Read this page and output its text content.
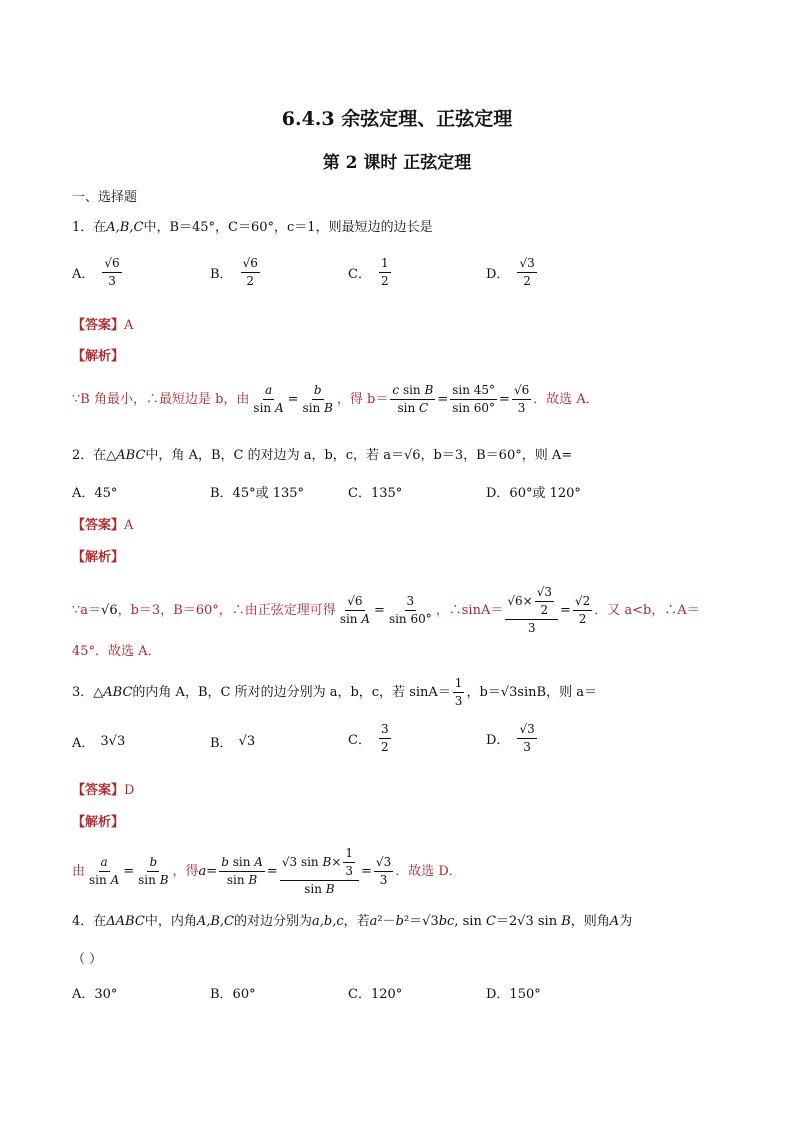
6.4.3 余弦定理、正弦定理
第 2 课时 正弦定理
一、选择题
1．在 A,B,C 中，B＝45°，C＝60°，c＝1，则最短边的边长是
A． $\frac{√6}{3}$	B． $\frac{√6}{2}$	C． $\frac{1}{2}$	D． $\frac{√3}{2}$
【答案】A
【解析】
∵B 角最小，∴最短边是 b，由 $\frac{a}{\text{sin A}} = \frac{b}{\text{sin B}}$ ，得 $b= \frac{\text{c sin B}}{\text{sin C}} = \frac{\sin 45^\circ}{\sin 60^\circ} = \frac{√6}{3}$ ．故选 A．
2．在△ ABC 中，角 A，B，C 的对边为 a，b，c，若 a＝ √6 ，b＝3，B＝60°，则 A=
A．45°	B．45°或 135°	C．135°	D．60°或 120°
【答案】A
【解析】
∵a＝ √6 ，b＝3，B＝60°，∴由正弦定理可得 $\frac{√6}{\text{sin A}} = \frac{3}{\sin 60^\circ}$ ，∴sinA＝ $\frac{√6\times \frac{√3}{2}}{3} = \frac{√2}{2}$ ．又 a<b，∴A＝
45°．故选 A．
3．△ ABC 的内角 A，B，C 所对的边分别为 a，b，c，若 $\sin A= \frac{1}{3}$ ，b＝ √3 sinB，则 a＝
A． 3√3	B． √3	C． $\frac{3}{2}$	D． $\frac{√3}{3}$
【答案】D
【解析】
由 $\frac{a}{\text{sin A}} = \frac{b}{\text{sin B}}$ ，得 $a= \frac{\text{b sin A}}{\text{sin B}} = \frac{√3 \sin B\times \frac{1}{3}}{\text{sin B}} = \frac{√3}{3}$ ．故选 D．
4．在 ΔABC 中，内角 A,B,C 的对边分别为 a,b,c ，若 a²－b²＝√3bc, sin C＝2√3 sin B ，则角 A 为
（ ）
A．30°	B．60°	C．120°	D．150°
